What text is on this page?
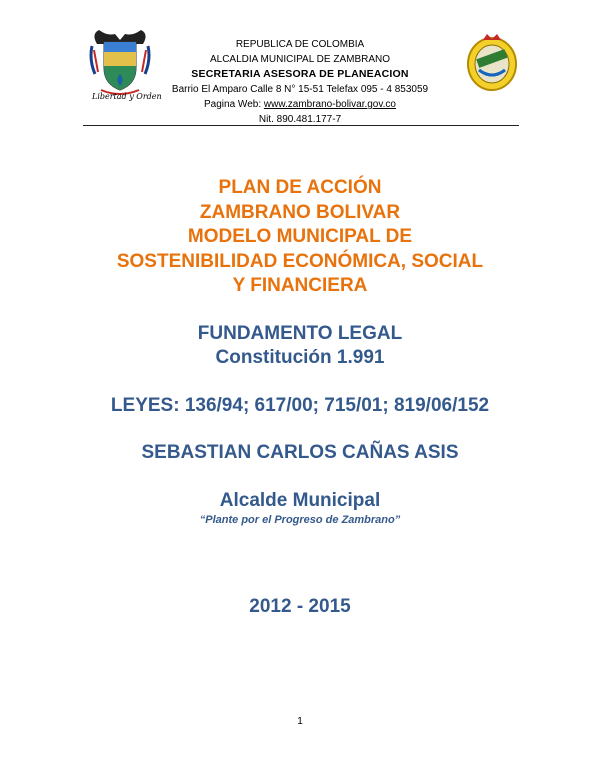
Libertad y Orden
REPUBLICA DE COLOMBIA
ALCALDIA MUNICIPAL DE ZAMBRANO
SECRETARIA ASESORA DE PLANEACION
Barrio El Amparo Calle 8 N° 15-51 Telefax 095 - 4 853059
Pagina Web: www.zambrano-bolivar.gov.co
Nit. 890.481.177-7
PLAN DE ACCIÓN
ZAMBRANO BOLIVAR
MODELO MUNICIPAL DE
SOSTENIBILIDAD ECONÓMICA, SOCIAL
Y FINANCIERA
FUNDAMENTO LEGAL
Constitución 1.991
LEYES: 136/94; 617/00; 715/01; 819/06/152
SEBASTIAN CARLOS CAÑAS ASIS
Alcalde Municipal
“Plante por el Progreso de Zambrano”
2012 - 2015
1
